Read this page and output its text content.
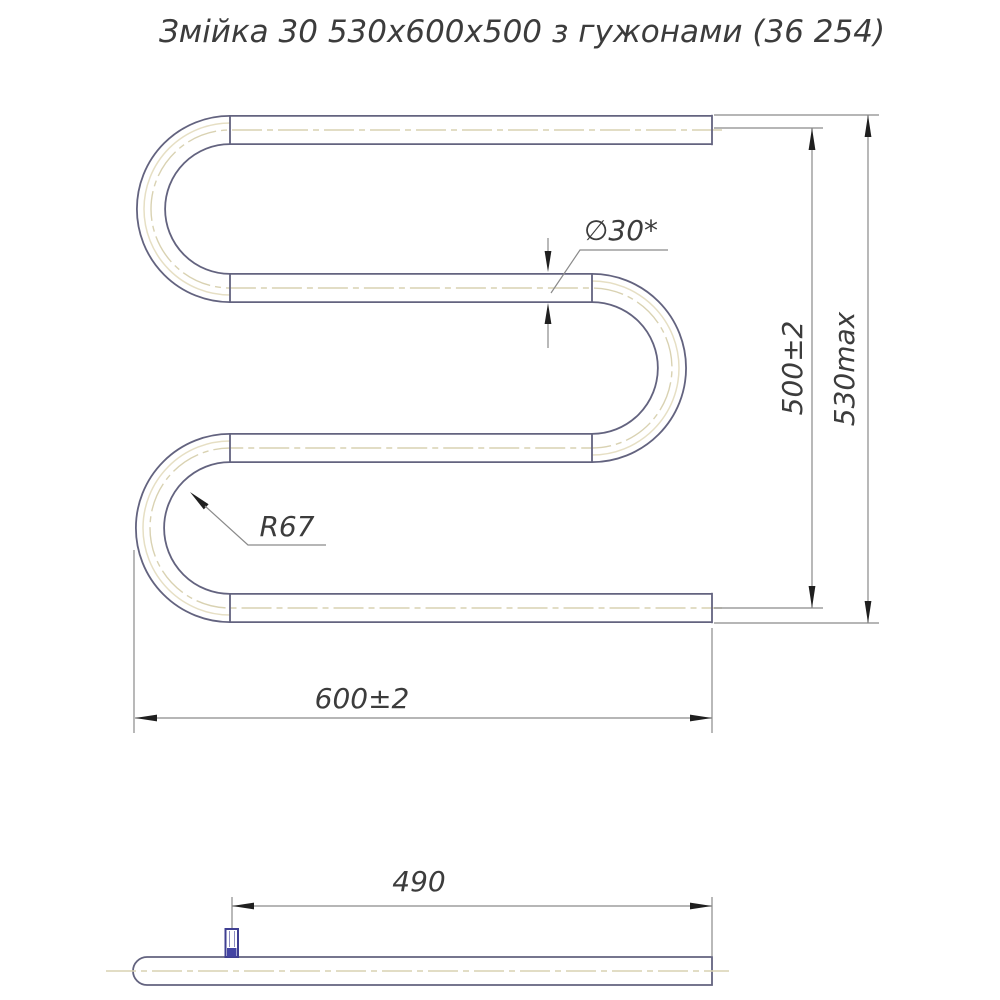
Змійка 30 530х600х500 з гужонами (36 254)
∅30*
R67
500±2 530max
600±2
490
